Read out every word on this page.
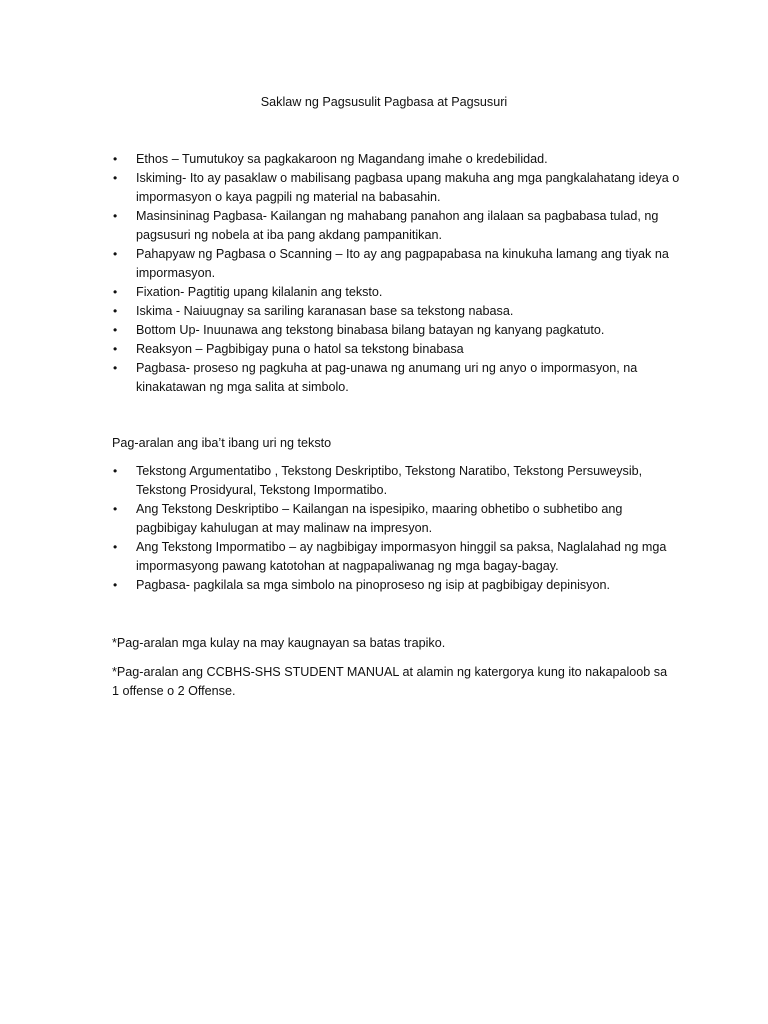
Saklaw ng Pagsusulit Pagbasa at Pagsusuri
• Ethos – Tumutukoy sa pagkakaroon ng Magandang imahe o kredebilidad.
• Iskiming- Ito ay pasaklaw o mabilisang pagbasa upang makuha ang mga pangkalahatang ideya o impormasyon o kaya pagpili ng material na babasahin.
• Masinsininag Pagbasa- Kailangan ng mahabang panahon ang ilalaan sa pagbabasa tulad, ng pagsusuri ng nobela at iba pang akdang pampanitikan.
• Pahapyaw ng Pagbasa o Scanning – Ito ay ang pagpapabasa na kinukuha lamang ang tiyak na impormasyon.
• Fixation- Pagtitig upang kilalanin ang teksto.
• Iskima - Naiuugnay sa sariling karanasan base sa tekstong nabasa.
• Bottom Up- Inuunawa ang tekstong binabasa bilang batayan ng kanyang pagkatuto.
• Reaksyon – Pagbibigay puna o hatol sa tekstong binabasa
• Pagbasa- proseso ng pagkuha at pag-unawa ng anumang uri ng anyo o impormasyon, na kinakatawan ng mga salita at simbolo.

Pag-aralan ang iba’t ibang uri ng teksto

• Tekstong Argumentatibo , Tekstong Deskriptibo, Tekstong Naratibo, Tekstong Persuweysib, Tekstong Prosidyural, Tekstong Impormatibo.
• Ang Tekstong Deskriptibo – Kailangan na ispesipiko, maaring obhetibo o subhetibo ang pagbibigay kahulugan at may malinaw na impresyon.
• Ang Tekstong Impormatibo – ay nagbibigay impormasyon hinggil sa paksa, Naglalahad ng mga impormasyong pawang katotohan at nagpapaliwanag ng mga bagay-bagay.
• Pagbasa- pagkilala sa mga simbolo na pinoproseso ng isip at pagbibigay depinisyon.

*Pag-aralan mga kulay na may kaugnayan sa batas trapiko.

*Pag-aralan ang CCBHS-SHS STUDENT MANUAL at alamin ng katergorya kung ito nakapaloob sa 1 offense o 2 Offense.
